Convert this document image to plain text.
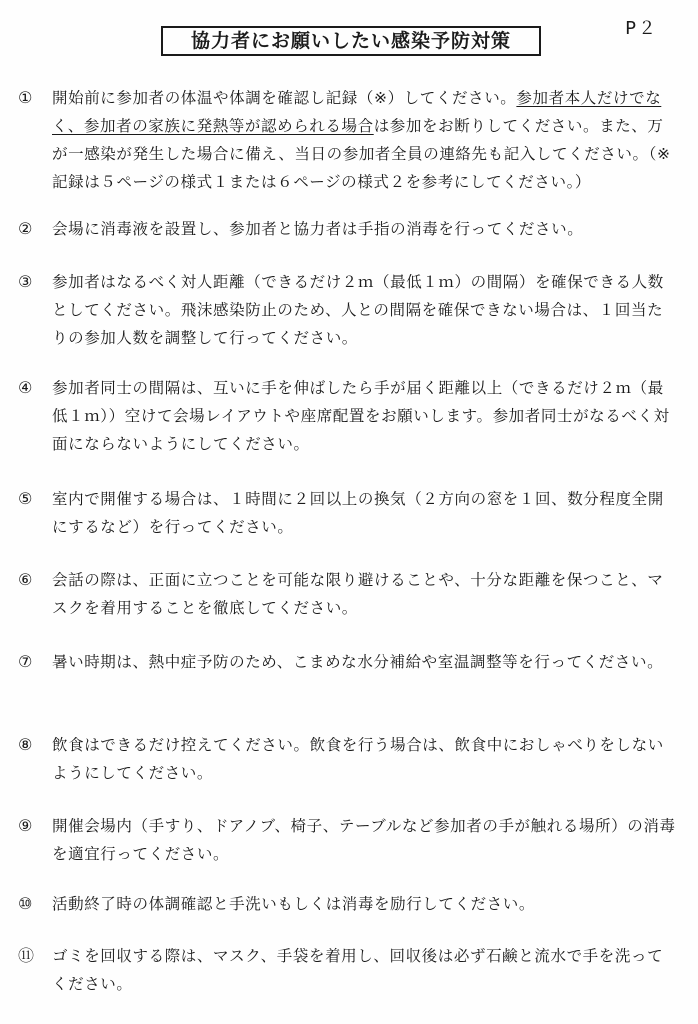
P２
協力者にお願いしたい感染予防対策
①	開始前に参加者の体温や体調を確認し記録（※）してください。参加者本人だけでなく、参加者の家族に発熱等が認められる場合は参加をお断りしてください。また、万が一感染が発生した場合に備え、当日の参加者全員の連絡先も記入してください。（※記録は５ページの様式１または６ページの様式２を参考にしてください。）
②	会場に消毒液を設置し、参加者と協力者は手指の消毒を行ってください。
③	参加者はなるべく対人距離（できるだけ２ｍ（最低１ｍ）の間隔）を確保できる人数としてください。飛沫感染防止のため、人との間隔を確保できない場合は、１回当たりの参加人数を調整して行ってください。
④	参加者同士の間隔は、互いに手を伸ばしたら手が届く距離以上（できるだけ２ｍ（最低１ｍ））空けて会場レイアウトや座席配置をお願いします。参加者同士がなるべく対面にならないようにしてください。
⑤	室内で開催する場合は、１時間に２回以上の換気（２方向の窓を１回、数分程度全開にするなど）を行ってください。
⑥	会話の際は、正面に立つことを可能な限り避けることや、十分な距離を保つこと、マスクを着用することを徹底してください。
⑦	暑い時期は、熱中症予防のため、こまめな水分補給や室温調整等を行ってください。
⑧	飲食はできるだけ控えてください。飲食を行う場合は、飲食中におしゃべりをしないようにしてください。
⑨	開催会場内（手すり、ドアノブ、椅子、テーブルなど参加者の手が触れる場所）の消毒を適宜行ってください。
⑩	活動終了時の体調確認と手洗いもしくは消毒を励行してください。
⑪	ゴミを回収する際は、マスク、手袋を着用し、回収後は必ず石鹸と流水で手を洗ってください。
